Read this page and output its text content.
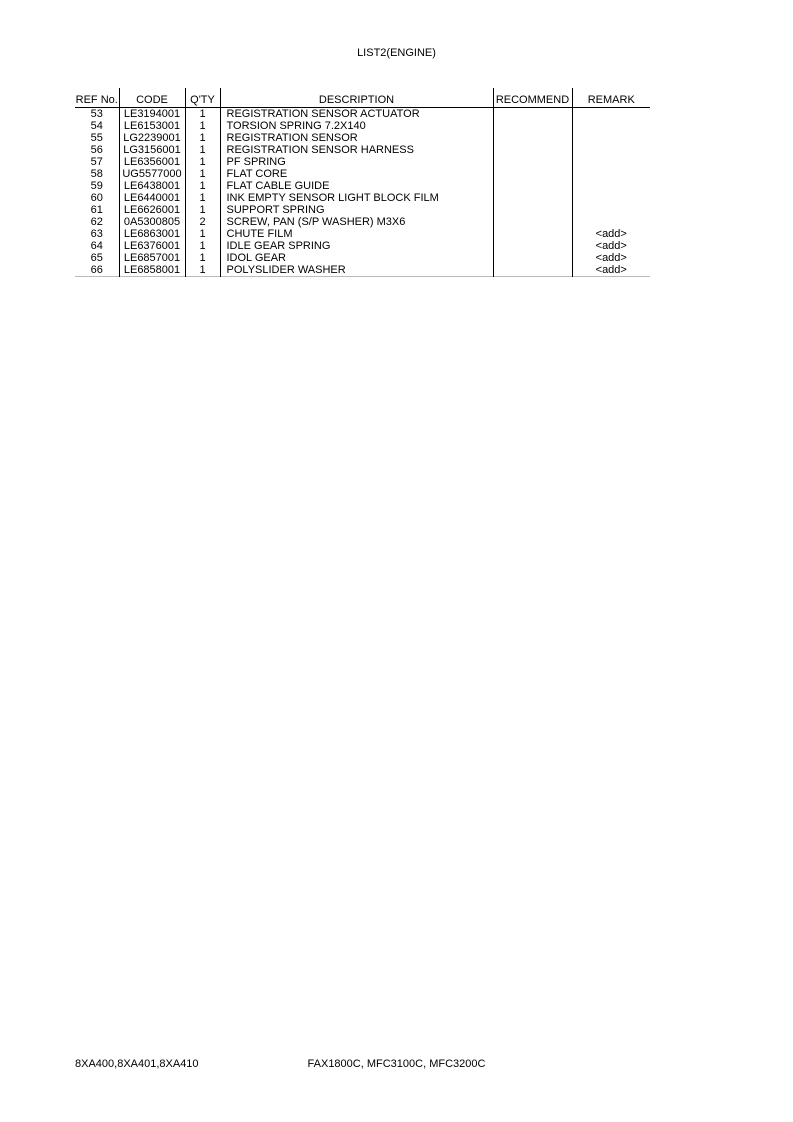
LIST2(ENGINE)
REF No.	CODE	Q'TY	DESCRIPTION	RECOMMEND	REMARK
53	LE3194001	1	REGISTRATION SENSOR ACTUATOR		
54	LE6153001	1	TORSION SPRING 7.2X140		
55	LG2239001	1	REGISTRATION SENSOR		
56	LG3156001	1	REGISTRATION SENSOR HARNESS		
57	LE6356001	1	PF SPRING		
58	UG5577000	1	FLAT CORE		
59	LE6438001	1	FLAT CABLE GUIDE		
60	LE6440001	1	INK EMPTY SENSOR LIGHT BLOCK FILM		
61	LE6626001	1	SUPPORT SPRING		
62	0A5300805	2	SCREW, PAN (S/P WASHER) M3X6		
63	LE6863001	1	CHUTE FILM		<add>
64	LE6376001	1	IDLE GEAR SPRING		<add>
65	LE6857001	1	IDOL GEAR		<add>
66	LE6858001	1	POLYSLIDER WASHER		<add>
8XA400,8XA401,8XA410	FAX1800C, MFC3100C, MFC3200C
